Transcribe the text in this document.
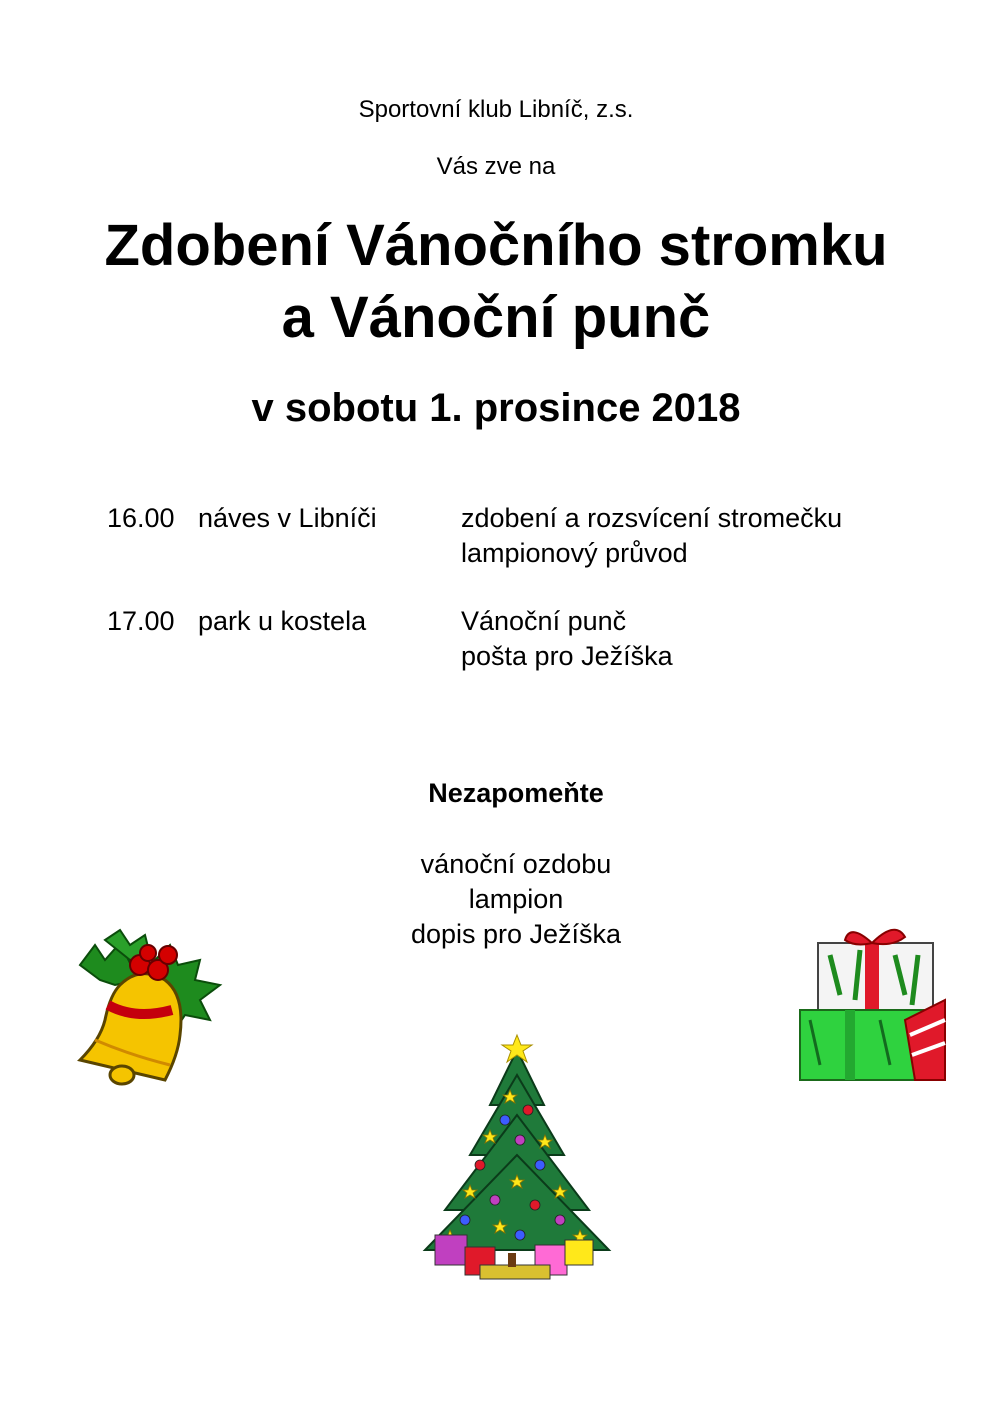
Sportovní klub Libníč, z.s.
Vás zve na
Zdobení Vánočního stromku
a Vánoční punč
v sobotu 1. prosince 2018
16.00 náves v Libníči	zdobení a rozsvícení stromečku
lampionový průvod
17.00 park u kostela	Vánoční punč
pošta pro Ježíška
Nezapomeňte
vánoční ozdobu
lampion
dopis pro Ježíška
